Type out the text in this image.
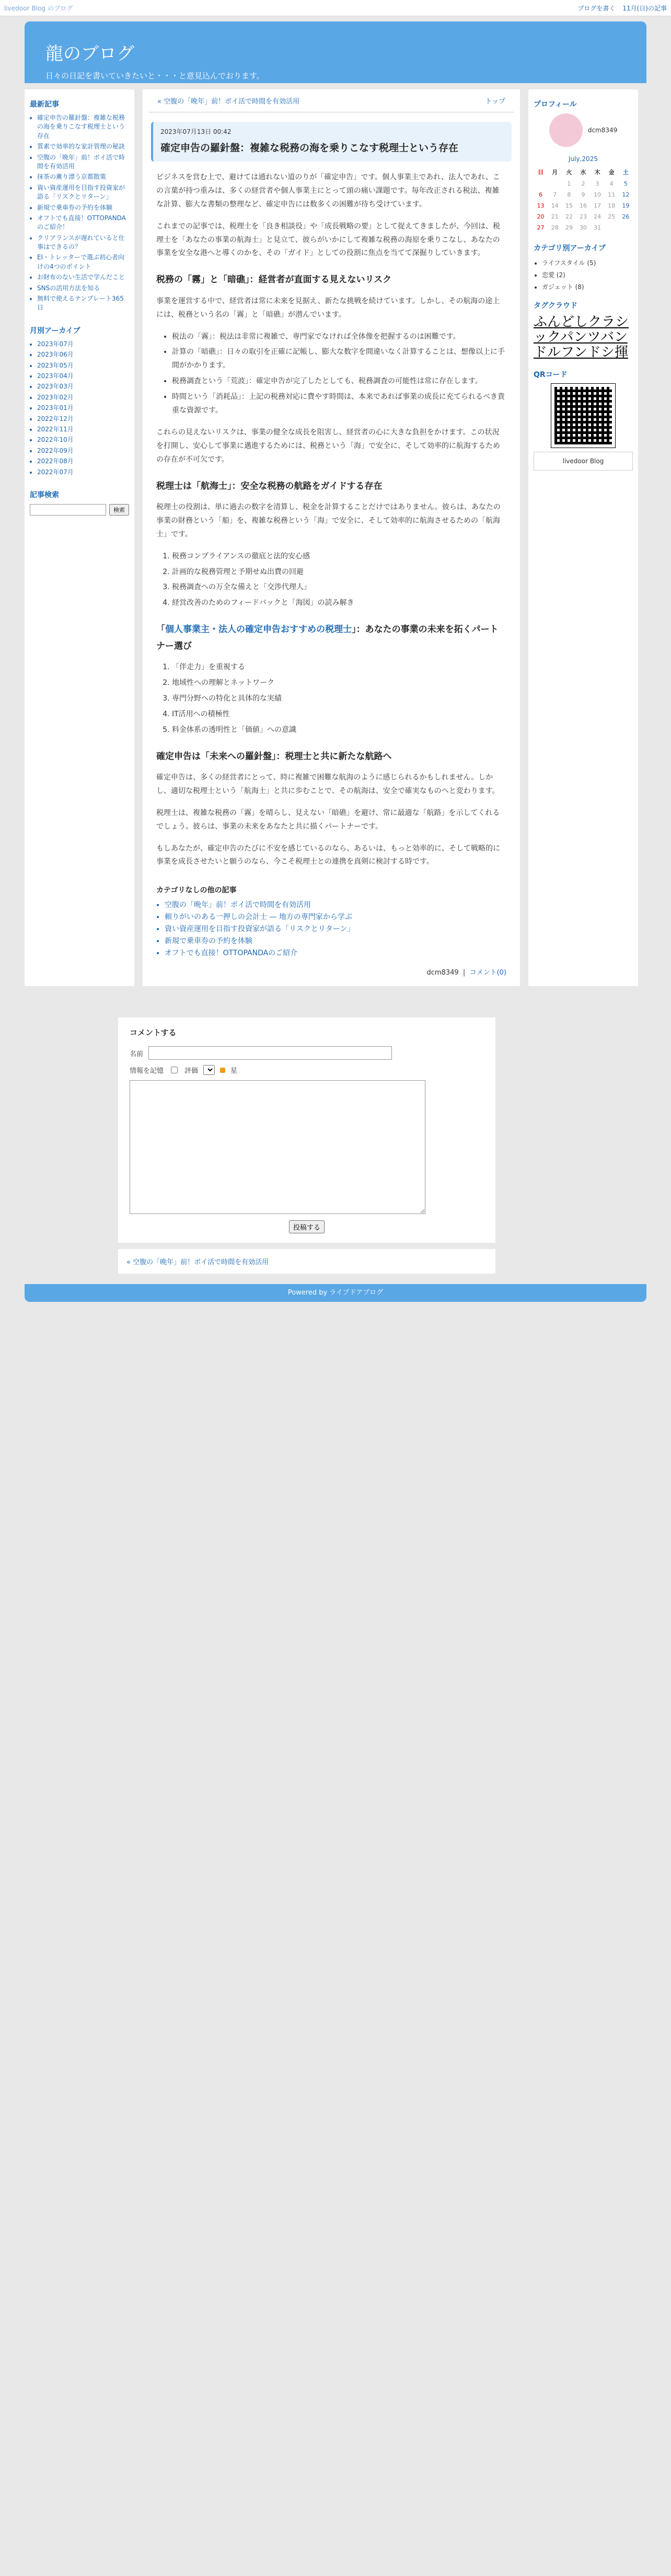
livedoor Blog のブログ	ブログを書く 11月(日)の記事
龍のブログ

日々の日記を書いていきたいと・・・と意見込んでおります。

最新記事
• 確定申告の羅針盤：複雑な税務の海を乗りこなす税理士という存在
• 質素で効率的な家計管理の秘訣
• 空腹の「晩年」前！ボイ活で時間を有効活用
• 抹茶の薫り漂う京都散策
• 資い資産運用を目指す投資家が語る「リスクとリターン」
• 新規で乗車券の予約を体験
• オフトでも直接！OTTOPANDAのご紹介！
• クリアランスが遅れていると仕事はできるの？
• EI・トレッターで選ぶ初心者向けの4つのポイント
• お財布のない生活で学んだこと
• SNSの活用方法を知る
• 無料で使えるテンプレート365日
月別アーカイブ
• 2023年07月
• 2023年06月
• 2023年05月
• 2023年04月
• 2023年03月
• 2023年02月
• 2023年01月
• 2022年12月
• 2022年11月
• 2022年10月
• 2022年09月
• 2022年08月
• 2022年07月
記事検索
検索
« 空腹の「晩年」前！ボイ活で時間を有効活用	トップ
2023年07月13日 00:42
確定申告の羅針盤：複雑な税務の海を乗りこなす税理士という存在

ビジネスを営む上で、避けては通れない道のりが「確定申告」です。個人事業主であれ、法人であれ、この言葉が持つ重みは、多くの経営者や個人事業主にとって頭の痛い課題です。毎年改正される税法、複雑な計算、膨大な書類の整理など、確定申告には数多くの困難が待ち受けています。

これまでの記事では、税理士を「良き相談役」や「成長戦略の要」として捉えてきましたが、今回は、税理士を「あなたの事業の航海士」と見立て、彼らがいかにして複雑な税務の海原を乗りこなし、あなたの事業を安全な港へと導くのかを、その「ガイド」としての役割に焦点を当てて深掘りしていきます。

税務の「霧」と「暗礁」：経営者が直面する見えないリスク

事業を運営する中で、経営者は常に未来を見据え、新たな挑戦を続けています。しかし、その航海の途上には、税務という名の「霧」と「暗礁」が潜んでいます。

• 税法の「霧」：税法は非常に複雑で、専門家でなければ全体像を把握するのは困難です。
• 計算の「暗礁」：日々の取引を正確に記帳し、膨大な数字を間違いなく計算することは、想像以上に手間がかかります。
• 税務調査という「荒波」：確定申告が完了したとしても、税務調査の可能性は常に存在します。
• 時間という「消耗品」：上記の税務対応に費やす時間は、本来であれば事業の成長に充てられるべき貴重な資源です。

これらの見えないリスクは、事業の健全な成長を阻害し、経営者の心に大きな負担をかけます。この状況を打開し、安心して事業に邁進するためには、税務という「海」で安全に、そして効率的に航海するための存在が不可欠です。

税理士は「航海士」：安全な税務の航路をガイドする存在

税理士の役割は、単に過去の数字を清算し、税金を計算することだけではありません。彼らは、あなたの事業の財務という「船」を、複雑な税務という「海」で安全に、そして効率的に航海させるための「航海士」です。

1. 税務コンプライアンスの徹底と法的安心感
2. 計画的な税務管理と予期せぬ出費の回避
3. 税務調査への万全な備えと「交渉代理人」
4. 経営改善のためのフィードバックと「海図」の読み解き
「個人事業主・法人の確定申告おすすめの税理士」：あなたの事業の未来を拓くパートナー選び
1. 「伴走力」を重視する
2. 地域性への理解とネットワーク
3. 専門分野への特化と具体的な実績
4. IT活用への積極性
5. 料金体系の透明性と「価値」への意識
確定申告は「未来への羅針盤」：税理士と共に新たな航路へ

確定申告は、多くの経営者にとって、時に複雑で困難な航海のように感じられるかもしれません。しかし、適切な税理士という「航海士」と共に歩むことで、その航海は、安全で確実なものへと変わります。

税理士は、複雑な税務の「霧」を晴らし、見えない「暗礁」を避け、常に最適な「航路」を示してくれるでしょう。彼らは、事業の未来をあなたと共に描くパートナーです。

もしあなたが、確定申告のたびに不安を感じているのなら、あるいは、もっと効率的に、そして戦略的に事業を成長させたいと願うのなら、今こそ税理士との連携を真剣に検討する時です。

カテゴリなしの他の記事
• 空腹の「晩年」前！ボイ活で時間を有効活用
• 頼りがいのある一押しの会計士 — 地方の専門家から学ぶ
• 資い資産運用を目指す投資家が語る「リスクとリターン」
• 新規で乗車券の予約を体験
• オフトでも直接！OTTOPANDAのご紹介
dcm8349  |  コメント(0)
プロフィール
dcm8349
July,2025
日	月	火	水	木	金	土
		1	2	3	4	5
6	7	8	9	10	11	12
13	14	15	16	17	18	19
20	21	22	23	24	25	26
27	28	29	30	31		
カテゴリ別アーカイブ
• ライフスタイル (5)
• 恋愛 (2)
• ガジェット (8)
タグクラウド
ふんどしクラシックパンツバンドルフンドシ揮
QRコード
livedoor Blog
コメントする
名前
情報を記憶	評価	星
投稿する
« 空腹の「晩年」前！ボイ活で時間を有効活用
Powered by ライブドアブログ
